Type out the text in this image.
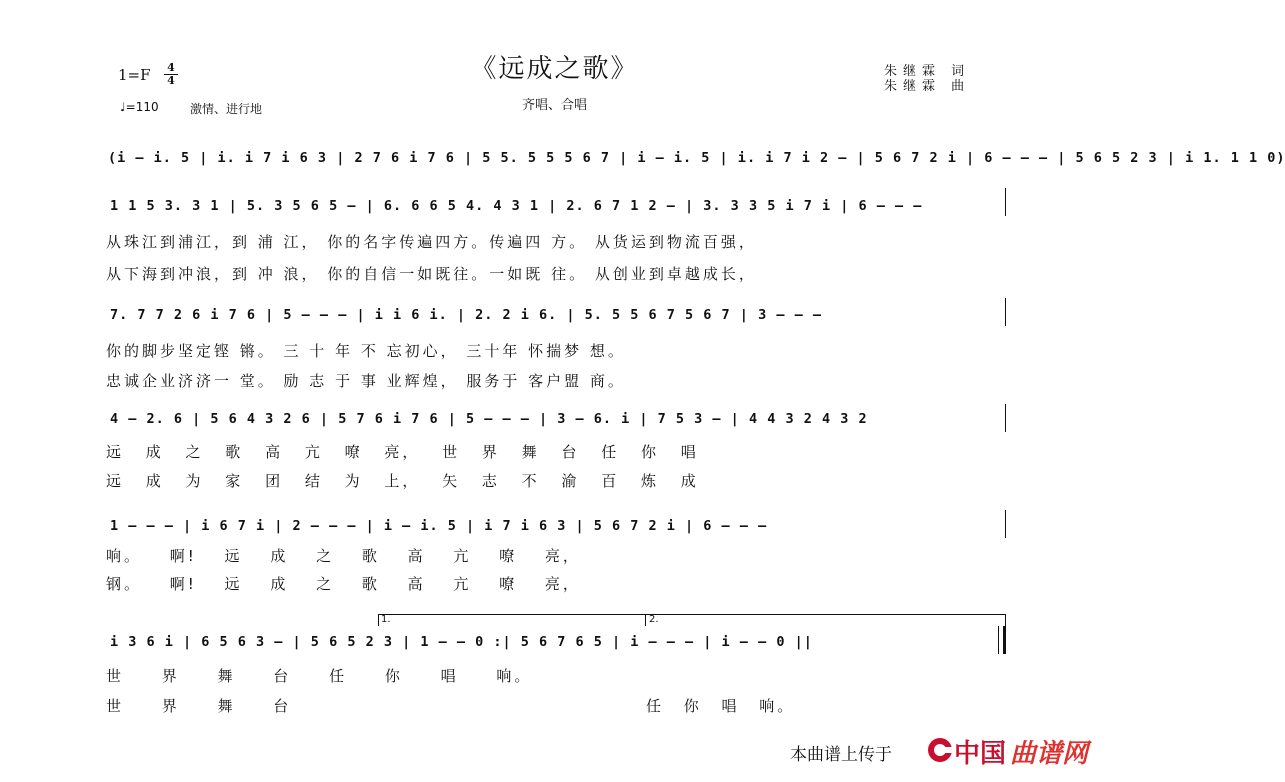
《远成之歌》
齐唱、合唱
1=F 4
4
♩=110	激情、进行地
朱继霖 词
朱继霖 曲
(i – i. 5 | i. i 7 i 6 3 | 2 7 6 i 7 6 | 5 5. 5 5 5 6 7 | i – i. 5 | i. i 7 i 2 – | 5 6 7 2 i | 6 – – – | 5 6 5 2 3 | i 1. 1 1 0)
1 1 5 3. 3 1 | 5. 3 5 6 5 – | 6. 6 6 5 4. 4 3 1 | 2. 6 7 1 2 – | 3. 3 3 5 i 7 i | 6 – – –
从珠江到浦江，到 浦 江， 你的名字传遍四方。传遍四 方。 从货运到物流百强，
从下海到冲浪，到 冲 浪， 你的自信一如既往。一如既 往。 从创业到卓越成长，
7. 7 7 2 6 i 7 6 | 5 – – – | i i 6 i. | 2. 2 i 6. | 5. 5 5 6 7 5 6 7 | 3 – – –
你的脚步坚定铿 锵。 三 十 年 不 忘初心， 三十年 怀揣梦 想。
忠诚企业济济一 堂。 励 志 于 事 业辉煌， 服务于 客户盟 商。
4 – 2. 6 | 5 6 4 3 2 6 | 5 7 6 i 7 6 | 5 – – – | 3 – 6. i | 7 5 3 – | 4 4 3 2 4 3 2
远 成 之 歌 高 亢 嘹 亮， 世 界 舞 台 任 你 唱
远 成 为 家 团 结 为 上， 矢 志 不 渝 百 炼 成
1 – – – | i 6 7 i | 2 – – – | i – i. 5 | i 7 i 6 3 | 5 6 7 2 i | 6 – – –
响。 啊! 远 成 之 歌 高 亢 嘹 亮，
钢。 啊! 远 成 之 歌 高 亢 嘹 亮，
1.	2.
i 3 6 i | 6 5 6 3 – | 5 6 5 2 3 | 1 – – 0 :| 5 6 7 6 5 | i – – – | i – – 0 ||
世 界 舞 台 任 你 唱 响。
世 界 舞 台	任 你 唱 响。
本曲谱上传于 中国 曲谱网
